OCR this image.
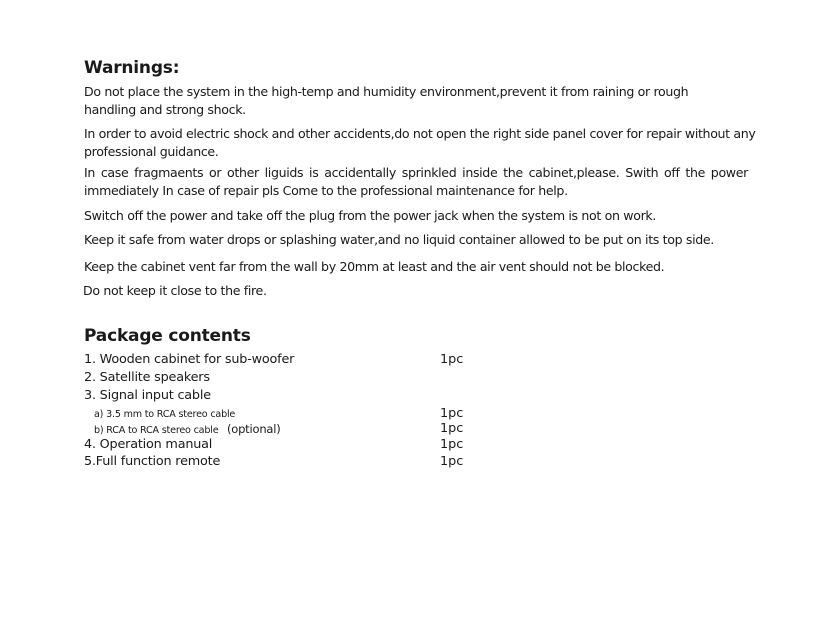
Warnings:

Do not place the system in the high-temp and humidity environment,prevent it from raining or rough
handling and strong shock.

In order to avoid electric shock and other accidents,do not open the right side panel cover for repair without any
professional guidance.

In case fragmaents or other liguids is accidentally sprinkled inside the cabinet,please. Swith off the power
immediately In case of repair pls Come to the professional maintenance for help.

Switch off the power and take off the plug from the power jack when the system is not on work.

Keep it safe from water drops or splashing water,and no liquid container allowed to be put on its top side.

Keep the cabinet vent far from the wall by 20mm at least and the air vent should not be blocked.

Do not keep it close to the fire.

Package contents

1. Wooden cabinet for sub-woofer	1pc

2. Satellite speakers

3. Signal input cable

a) 3.5 mm to RCA stereo cable	1pc

b) RCA to RCA stereo cable (optional)	1pc

4. Operation manual	1pc

5.Full function remote	1pc
